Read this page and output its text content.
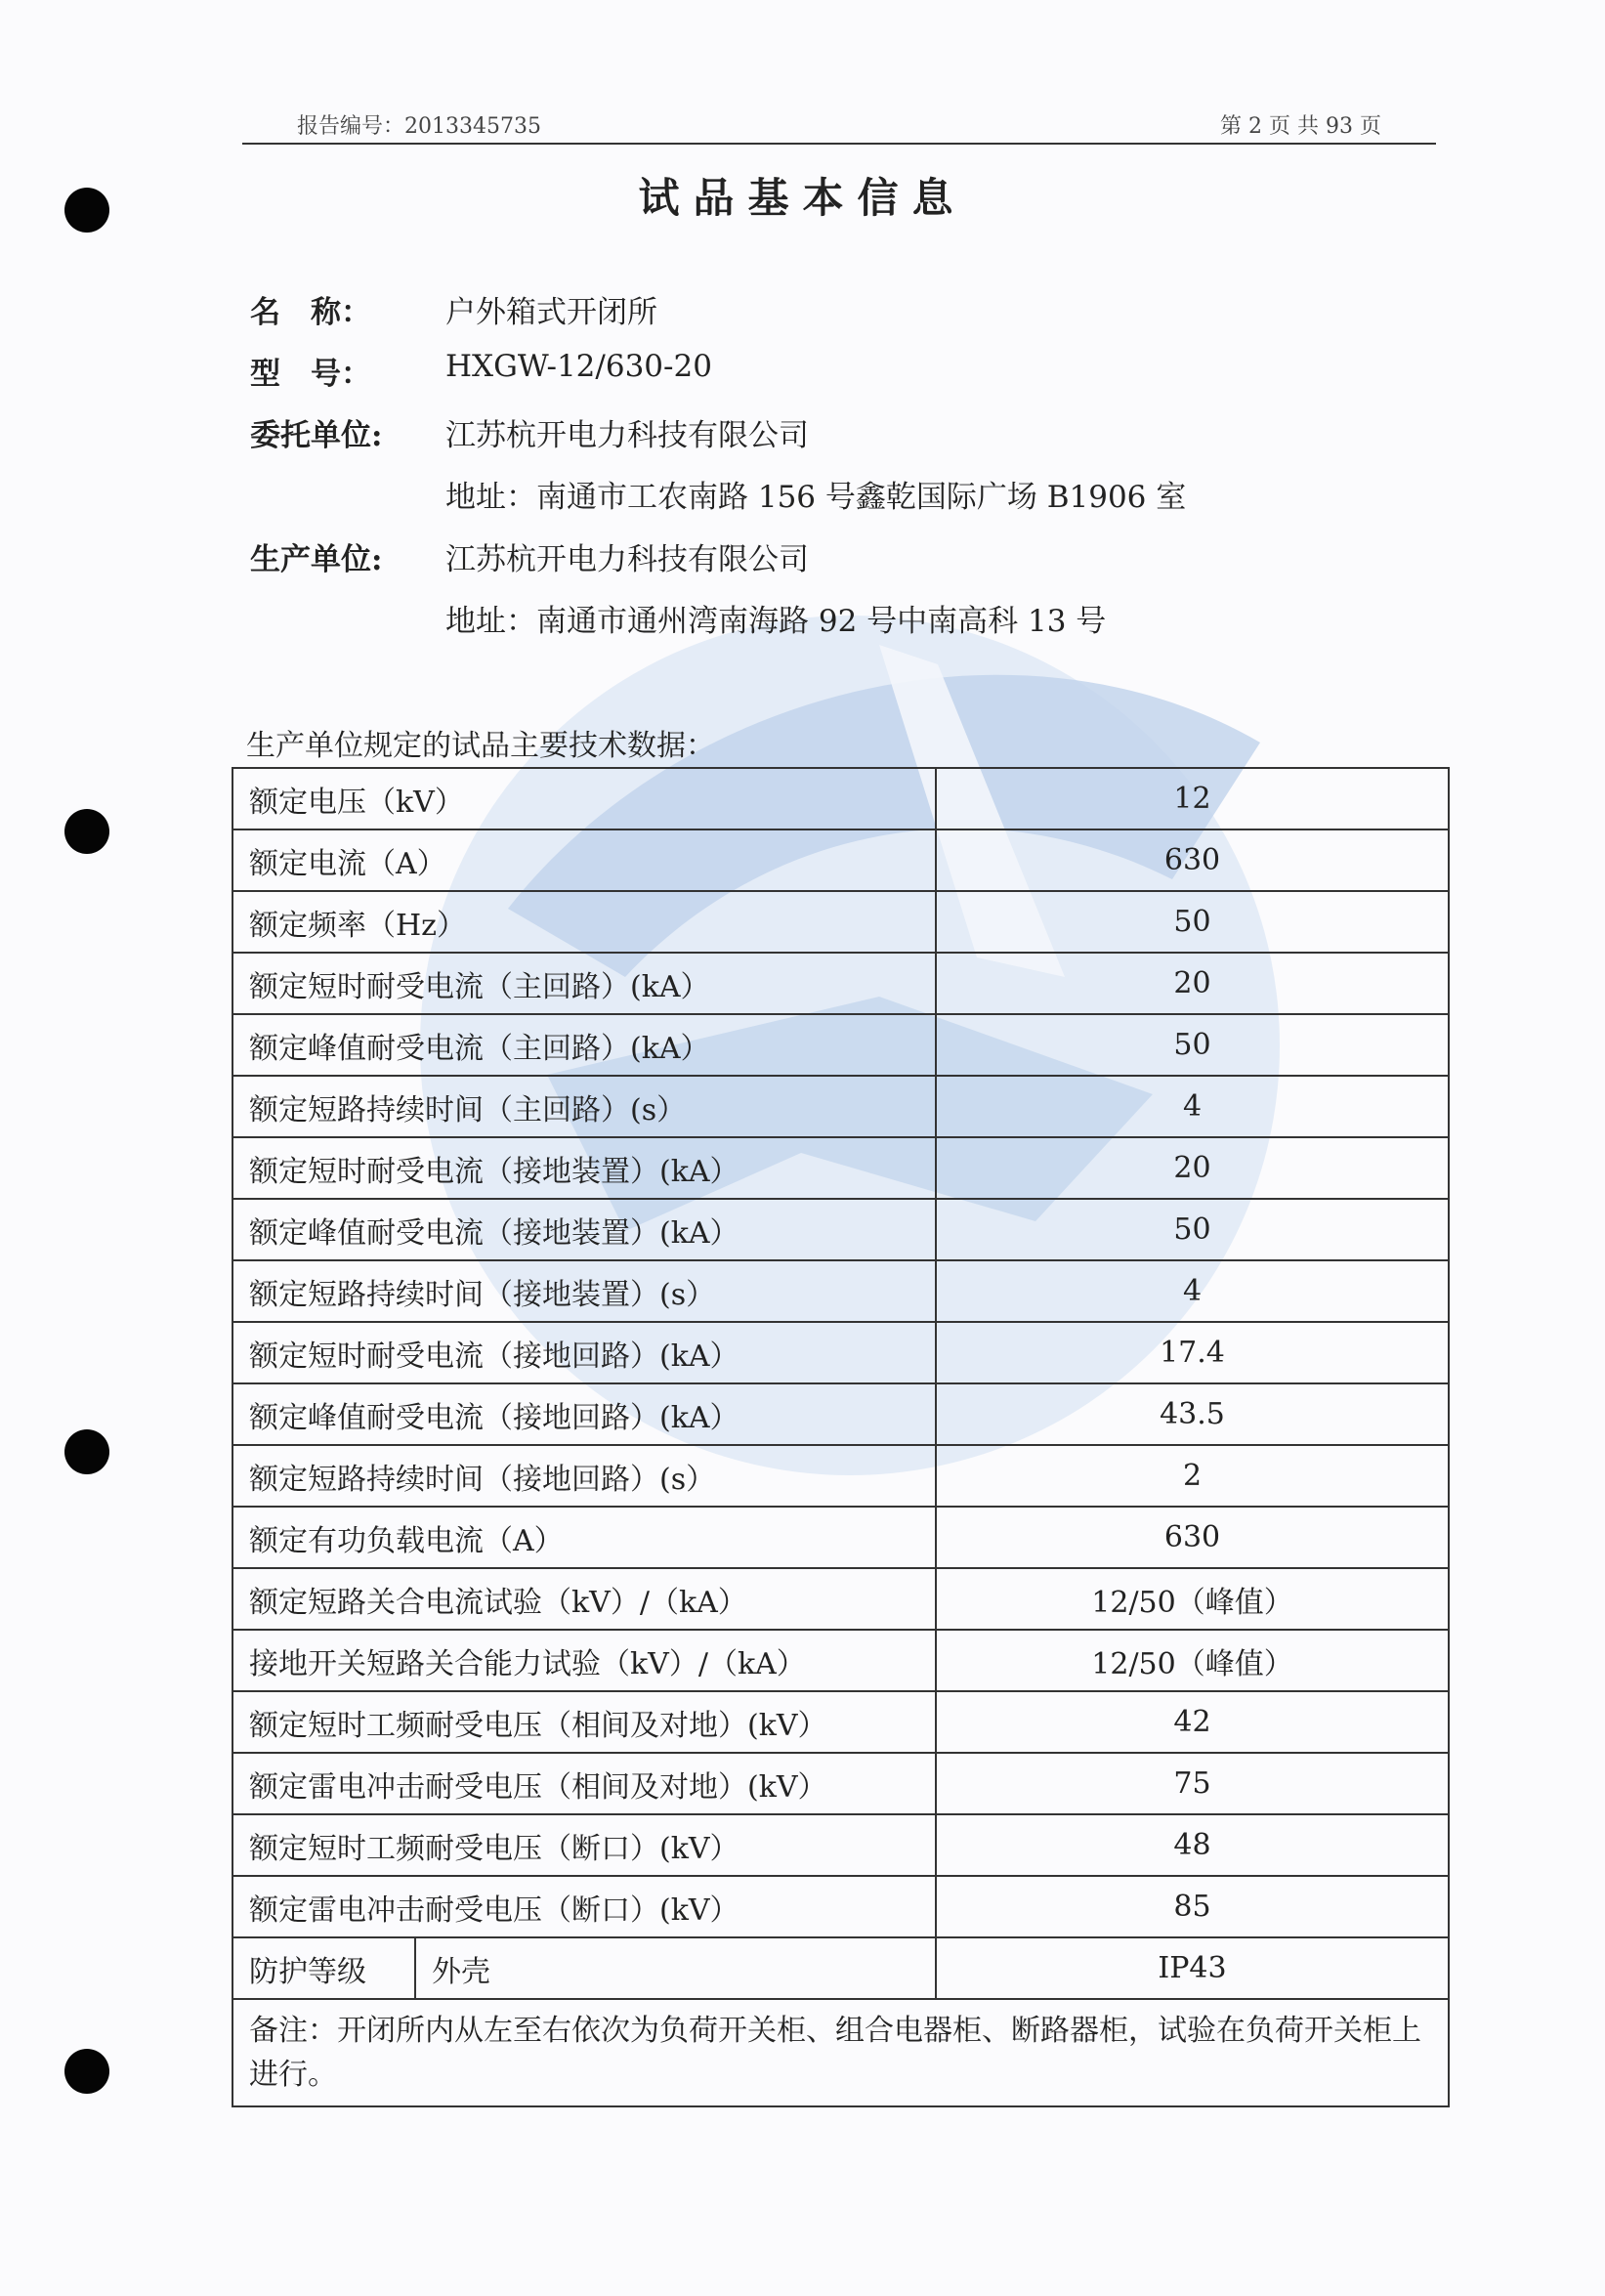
报告编号：2013345735	第 2 页 共 93 页
试品基本信息
名　称：	户外箱式开闭所
型　号：	HXGW-12/630-20
委托单位:	江苏杭开电力科技有限公司
地址：南通市工农南路 156 号鑫乾国际广场 B1906 室
生产单位:	江苏杭开电力科技有限公司
地址：南通市通州湾南海路 92 号中南高科 13 号
生产单位规定的试品主要技术数据：
额定电压（kV）		12
额定电流（A）		630
额定频率（Hz）		50
额定短时耐受电流（主回路）(kA）		20
额定峰值耐受电流（主回路）(kA）		50
额定短路持续时间（主回路）(s）		4
额定短时耐受电流（接地装置）(kA）		20
额定峰值耐受电流（接地装置）(kA）		50
额定短路持续时间（接地装置）(s）		4
额定短时耐受电流（接地回路）(kA）		17.4
额定峰值耐受电流（接地回路）(kA）		43.5
额定短路持续时间（接地回路）(s）		2
额定有功负载电流（A）		630
额定短路关合电流试验（kV）/（kA）		12/50（峰值）
接地开关短路关合能力试验（kV）/（kA）		12/50（峰值）
额定短时工频耐受电压（相间及对地）(kV）		42
额定雷电冲击耐受电压（相间及对地）(kV）		75
额定短时工频耐受电压（断口）(kV）		48
额定雷电冲击耐受电压（断口）(kV）		85
防护等级	外壳	IP43
备注：开闭所内从左至右依次为负荷开关柜、组合电器柜、断路器柜，试验在负荷开关柜上进行。		
